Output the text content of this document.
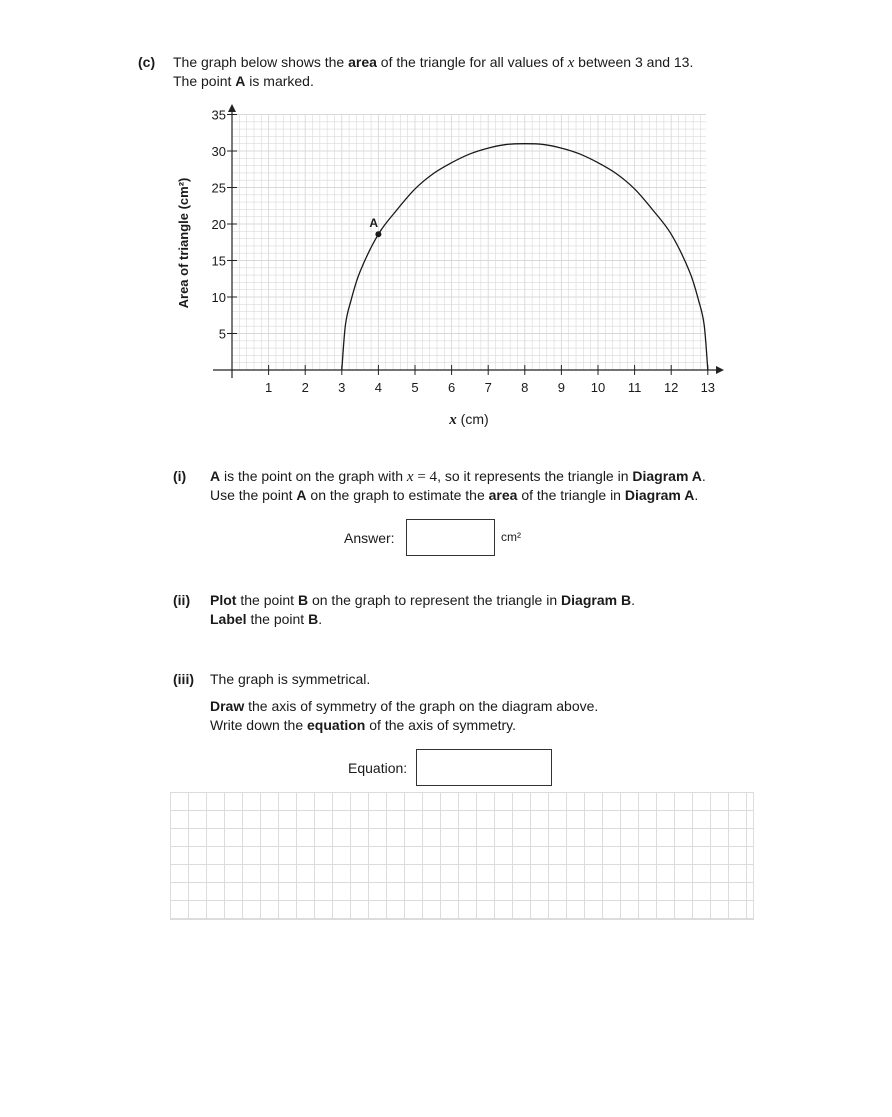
(c) The graph below shows the area of the triangle for all values of x between 3 and 13.
The point A is marked.
1 2 3 4 5 6 7 8 9 10 11 12 13
5
10
15
20
25
30
35
A
Area of triangle (cm²)
x (cm)
(i) A is the point on the graph with x = 4, so it represents the triangle in Diagram A.
Use the point A on the graph to estimate the area of the triangle in Diagram A.
Answer:	cm²
(ii) Plot the point B on the graph to represent the triangle in Diagram B.
Label the point B.
(iii) The graph is symmetrical.
Draw the axis of symmetry of the graph on the diagram above.
Write down the equation of the axis of symmetry.
Equation:
